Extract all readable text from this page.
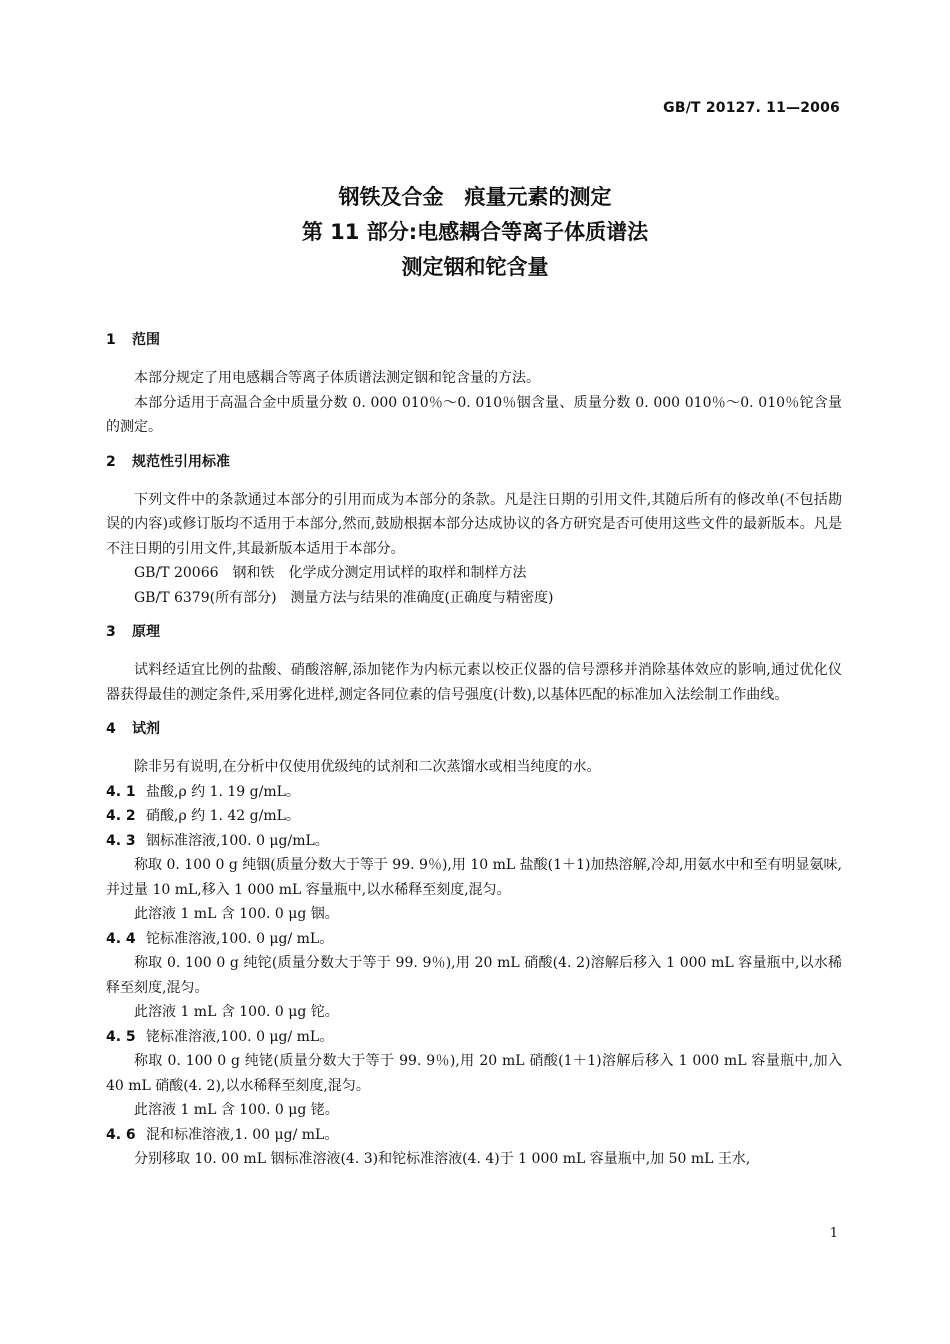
GB/T 20127. 11—2006
钢铁及合金　痕量元素的测定
第 11 部分:电感耦合等离子体质谱法
测定铟和铊含量
1 范围

本部分规定了用电感耦合等离子体质谱法测定铟和铊含量的方法。

本部分适用于高温合金中质量分数 0. 000 010％～0. 010％铟含量、质量分数 0. 000 010％～0. 010％铊含量的测定。

2 规范性引用标准

下列文件中的条款通过本部分的引用而成为本部分的条款。凡是注日期的引用文件,其随后所有的修改单(不包括勘误的内容)或修订版均不适用于本部分,然而,鼓励根据本部分达成协议的各方研究是否可使用这些文件的最新版本。凡是不注日期的引用文件,其最新版本适用于本部分。

GB/T 20066　钢和铁　化学成分测定用试样的取样和制样方法
GB/T 6379(所有部分)　测量方法与结果的准确度(正确度与精密度)
3 原理

试料经适宜比例的盐酸、硝酸溶解,添加铑作为内标元素以校正仪器的信号漂移并消除基体效应的影响,通过优化仪器获得最佳的测定条件,采用雾化进样,测定各同位素的信号强度(计数),以基体匹配的标准加入法绘制工作曲线。

4 试剂

除非另有说明,在分析中仅使用优级纯的试剂和二次蒸馏水或相当纯度的水。

4. 1 盐酸,ρ 约 1. 19 g/mL。
4. 2 硝酸,ρ 约 1. 42 g/mL。
4. 3 铟标准溶液,100. 0 μg/mL。

称取 0. 100 0 g 纯铟(质量分数大于等于 99. 9％),用 10 mL 盐酸(1＋1)加热溶解,冷却,用氨水中和至有明显氨味,并过量 10 mL,移入 1 000 mL 容量瓶中,以水稀释至刻度,混匀。

此溶液 1 mL 含 100. 0 μg 铟。

4. 4 铊标准溶液,100. 0 μg/ mL。

称取 0. 100 0 g 纯铊(质量分数大于等于 99. 9％),用 20 mL 硝酸(4. 2)溶解后移入 1 000 mL 容量瓶中,以水稀释至刻度,混匀。

此溶液 1 mL 含 100. 0 μg 铊。

4. 5 铑标准溶液,100. 0 μg/ mL。

称取 0. 100 0 g 纯铑(质量分数大于等于 99. 9％),用 20 mL 硝酸(1＋1)溶解后移入 1 000 mL 容量瓶中,加入 40 mL 硝酸(4. 2),以水稀释至刻度,混匀。

此溶液 1 mL 含 100. 0 μg 铑。

4. 6 混和标准溶液,1. 00 μg/ mL。

分别移取 10. 00 mL 铟标准溶液(4. 3)和铊标准溶液(4. 4)于 1 000 mL 容量瓶中,加 50 mL 王水,

1
